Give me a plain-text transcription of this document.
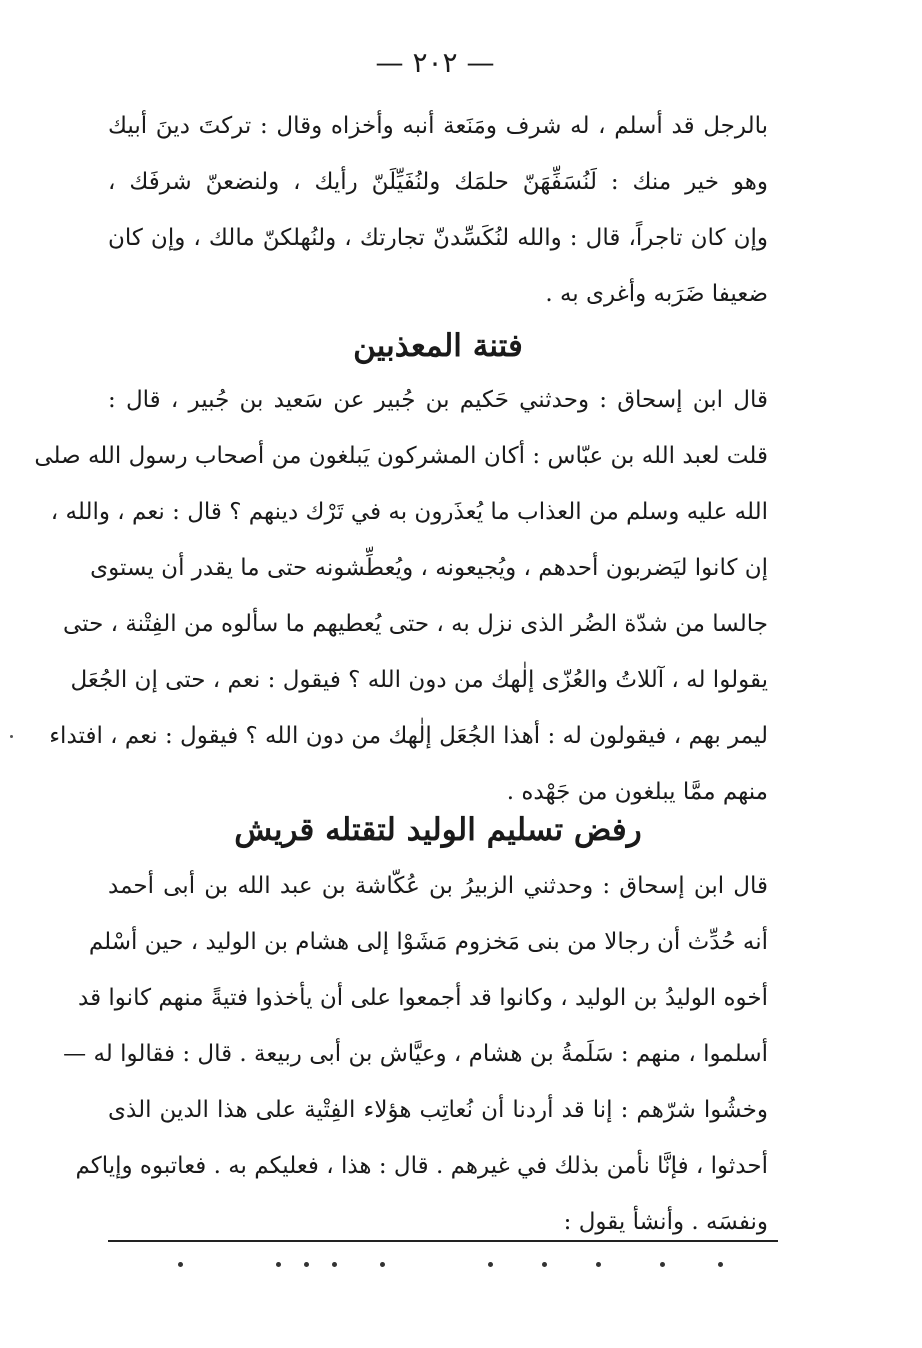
— ٢٠٢ —
بالرجل قد أسلم ، له شرف ومَنَعة أنبه وأخزاه وقال : تركتَ دينَ أبيك
وهو خير منك : لَنُسَفِّهَنّ حلمَك ولنُفَيِّلَنّ رأيك ، ولنضعنّ شرفَك ،
وإن كان تاجراً، قال : والله لنُكَسِّدنّ تجارتك ، ولنُهلكنّ مالك ، وإن كان
ضعيفا ضَرَبه وأغرى به .
فتنة المعذبين
قال ابن إسحاق : وحدثني حَكيم بن جُبير عن سَعيد بن جُبير ، قال :
قلت لعبد الله بن عبّاس : أكان المشركون يَبلغون من أصحاب رسول الله صلى
الله عليه وسلم من العذاب ما يُعذَرون به في تَرْك دينهم ؟ قال : نعم ، والله ،
إن كانوا ليَضربون أحدهم ، ويُجيعونه ، ويُعطِّشونه حتى ما يقدر أن يستوى
جالسا من شدّة الضُر الذى نزل به ، حتى يُعطيهم ما سألوه من الفِتْنة ، حتى
يقولوا له ، آللاتُ والعُزّى إلٰهك من دون الله ؟ فيقول : نعم ، حتى إن الجُعَل
ليمر بهم ، فيقولون له : أهذا الجُعَل إلٰهك من دون الله ؟ فيقول : نعم ، افتداء
منهم ممَّا يبلغون من جَهْده .
رفض تسليم الوليد لتقتله قريش
قال ابن إسحاق : وحدثني الزبيرُ بن عُكّاشة بن عبد الله بن أبى أحمد
أنه حُدِّث أن رجالا من بنى مَخزوم مَشَوْا إلى هشام بن الوليد ، حين أسْلم
أخوه الوليدُ بن الوليد ، وكانوا قد أجمعوا على أن يأخذوا فتيةً منهم كانوا قد
أسلموا ، منهم : سَلَمةُ بن هشام ، وعيَّاش بن أبى ربيعة . قال : فقالوا له —
وخشُوا شرّهم : إنا قد أردنا أن نُعاتِب هؤلاء الفِتْية على هذا الدين الذى
أحدثوا ، فإنَّا نأمن بذلك في غيرهم . قال : هذا ، فعليكم به . فعاتبوه وإياكم
ونفسَه . وأنشأ يقول :
